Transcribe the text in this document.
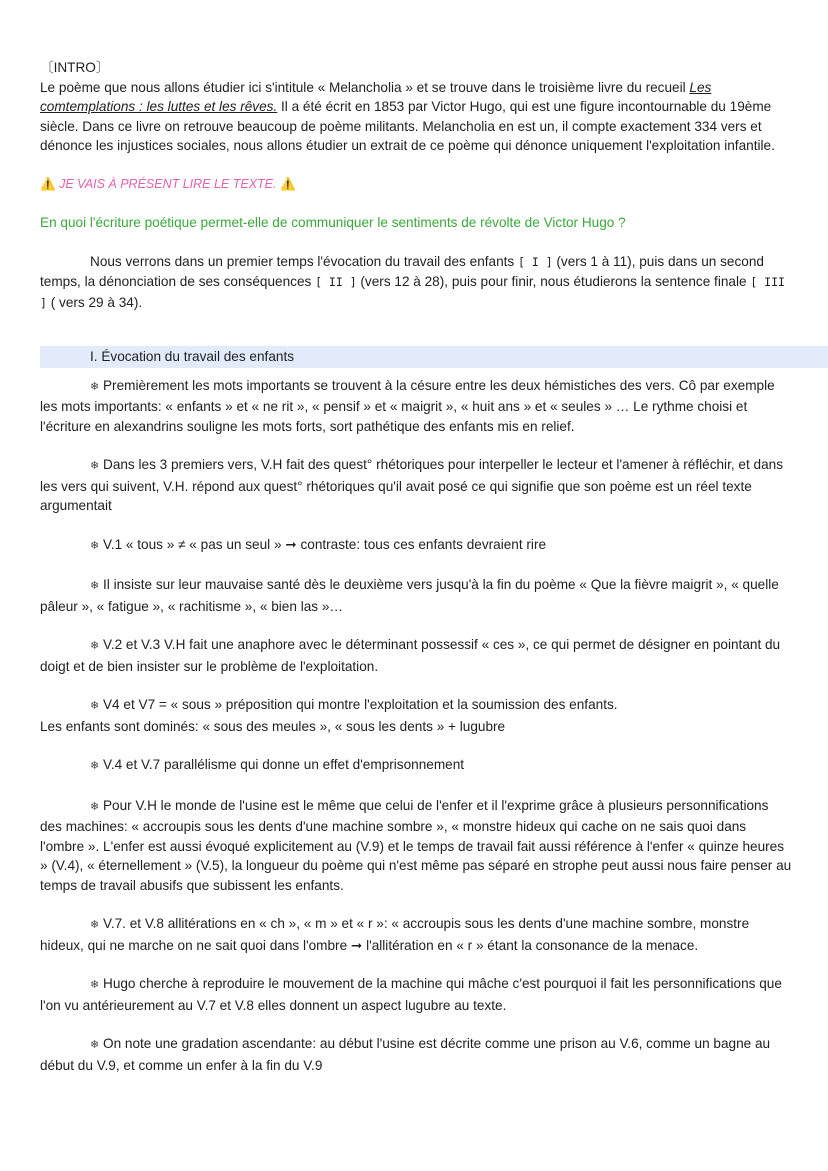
〔INTRO〕

Le poème que nous allons étudier ici s'intitule « Melancholia » et se trouve dans le troisième livre du recueil Les comtemplations : les luttes et les rêves. Il a été écrit en 1853 par Victor Hugo, qui est une figure incontournable du 19ème siècle. Dans ce livre on retrouve beaucoup de poème militants. Melancholia en est un, il compte exactement 334 vers et dénonce les injustices sociales, nous allons étudier un extrait de ce poème qui dénonce uniquement l'exploitation infantile.

⚠️ JE VAIS À PRÉSENT LIRE LE TEXTE. ⚠️

En quoi l'écriture poétique permet-elle de communiquer le sentiments de révolte de Victor Hugo ?

Nous verrons dans un premier temps l'évocation du travail des enfants [ I ] (vers 1 à 11), puis dans un second temps, la dénonciation de ses conséquences [ II ] (vers 12 à 28), puis pour finir, nous étudierons la sentence finale [ III ] ( vers 29 à 34).

I. Évocation du travail des enfants

❄ Premièrement les mots importants se trouvent à la césure entre les deux hémistiches des vers. Cô par exemple les mots importants: « enfants » et « ne rit », « pensif » et « maigrit », « huit ans » et « seules » … Le rythme choisi et l'écriture en alexandrins souligne les mots forts, sort pathétique des enfants mis en relief.

❄ Dans les 3 premiers vers, V.H fait des quest° rhétoriques pour interpeller le lecteur et l'amener à réfléchir, et dans les vers qui suivent, V.H. répond aux quest° rhétoriques qu'il avait posé ce qui signifie que son poème est un réel texte argumentait

❄ V.1 « tous » ≠ « pas un seul » ➞ contraste: tous ces enfants devraient rire

❄ Il insiste sur leur mauvaise santé dès le deuxième vers jusqu'à la fin du poème « Que la fièvre maigrit », « quelle pâleur », « fatigue », « rachitisme », « bien las »…

❄ V.2 et V.3 V.H fait une anaphore avec le déterminant possessif « ces », ce qui permet de désigner en pointant du doigt et de bien insister sur le problème de l'exploitation.

❄ V4 et V7 = « sous » préposition qui montre l'exploitation et la soumission des enfants.

Les enfants sont dominés: « sous des meules », « sous les dents » + lugubre

❄ V.4 et V.7 parallélisme qui donne un effet d'emprisonnement

❄ Pour V.H le monde de l'usine est le même que celui de l'enfer et il l'exprime grâce à plusieurs personnifications des machines: « accroupis sous les dents d'une machine sombre », « monstre hideux qui cache on ne sais quoi dans l'ombre ». L'enfer est aussi évoqué explicitement au (V.9) et le temps de travail fait aussi référence à l'enfer « quinze heures » (V.4), « éternellement » (V.5), la longueur du poème qui n'est même pas séparé en strophe peut aussi nous faire penser au temps de travail abusifs que subissent les enfants.

❄ V.7. et V.8 allitérations en « ch », « m » et « r »: « accroupis sous les dents d'une machine sombre, monstre hideux, qui ne marche on ne sait quoi dans l'ombre ➞ l'allitération en « r » étant la consonance de la menace.

❄ Hugo cherche à reproduire le mouvement de la machine qui mâche c'est pourquoi il fait les personnifications que l'on vu antérieurement au V.7 et V.8 elles donnent un aspect lugubre au texte.

❄ On note une gradation ascendante: au début l'usine est décrite comme une prison au V.6, comme un bagne au début du V.9, et comme un enfer à la fin du V.9
